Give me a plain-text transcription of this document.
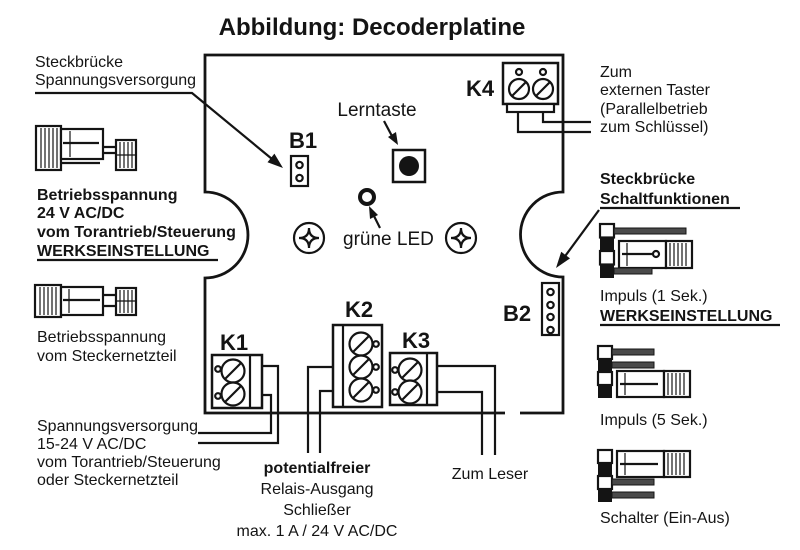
Abbildung: Decoderplatine
Steckbrücke
Spannungsversorgung
Betriebsspannung
24 V AC/DC
vom Torantrieb/Steuerung
WERKSEINSTELLUNG
Betriebsspannung
vom Steckernetzteil
Spannungsversorgung
15-24 V AC/DC
vom Torantrieb/Steuerung
oder Steckernetzteil
B1
Lerntaste
grüne LED
K4
Zum
externen Taster
(Parallelbetrieb
zum Schlüssel)
Steckbrücke
Schaltfunktionen
B2
Impuls (1 Sek.)
WERKSEINSTELLUNG
Impuls (5 Sek.)
Schalter (Ein-Aus)
K1
K2
K3
potentialfreier
Relais-Ausgang
Schließer
max. 1 A / 24 V AC/DC
Zum Leser
